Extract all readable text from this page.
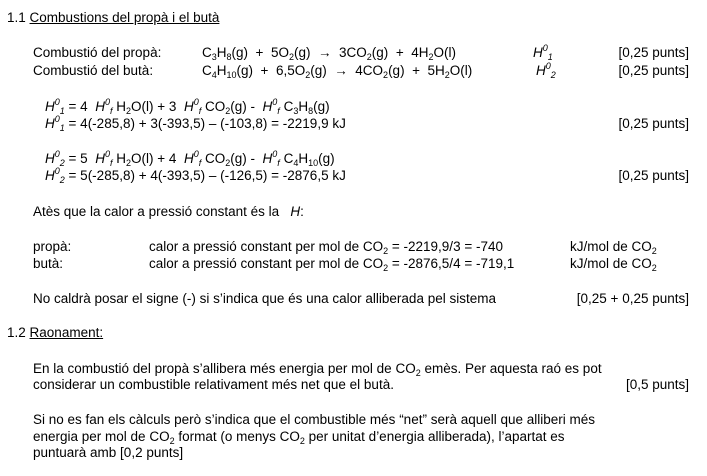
1.1 Combustions del propà i el butà
Combustió del propà:	$C_3H_8(g) + 5O_2(g) \to 3CO_2(g) + 4H_2O(l)$	$H^0_1$	[0,25 punts]
Combustió del butà:	$C_4H_{10}(g) + 6,5O_2(g) \to 4CO_2(g) + 5H_2O(l)$	$H^0_2$	[0,25 punts]
$H^0_1 = 4$ $H^0_f$ $H_2O(l) + 3$ $H^0_f$ $CO_2(g) - H^0_f$ $C_3H_8(g)$
$H^0_1 = 4(-285,8) + 3(-393,5) - (-103,8) = -2219,9$ kJ	[0,25 punts]
$H^0_2 = 5$ $H^0_f$ $H_2O(l) + 4$ $H^0_f$ $CO_2(g) - H^0_f$ $C_4H_{10}(g)$
$H^0_2 = 5(-285,8) + 4(-393,5) - (-126,5) = -2876,5$ kJ	[0,25 punts]
Atès que la calor a pressió constant és la H:
propà:	calor a pressió constant per mol de $CO_2 = -2219,9/3 = -740$	kJ/mol de $CO_2$
butà:	calor a pressió constant per mol de $CO_2 = -2876,5/4 = -719,1$	kJ/mol de $CO_2$
No caldrà posar el signe (-) si s’indica que és una calor alliberada pel sistema	[0,25 + 0,25 punts]
1.2 Raonament:
En la combustió del propà s’allibera més energia per mol de $CO_2$ emès. Per aquesta raó es pot
considerar un combustible relativament més net que el butà.	[0,5 punts]
Si no es fan els càlculs però s’indica que el combustible més “net” serà aquell que alliberi més
energia per mol de $CO_2$ format (o menys $CO_2$ per unitat d’energia alliberada), l’apartat es
puntuarà amb [0,2 punts]
